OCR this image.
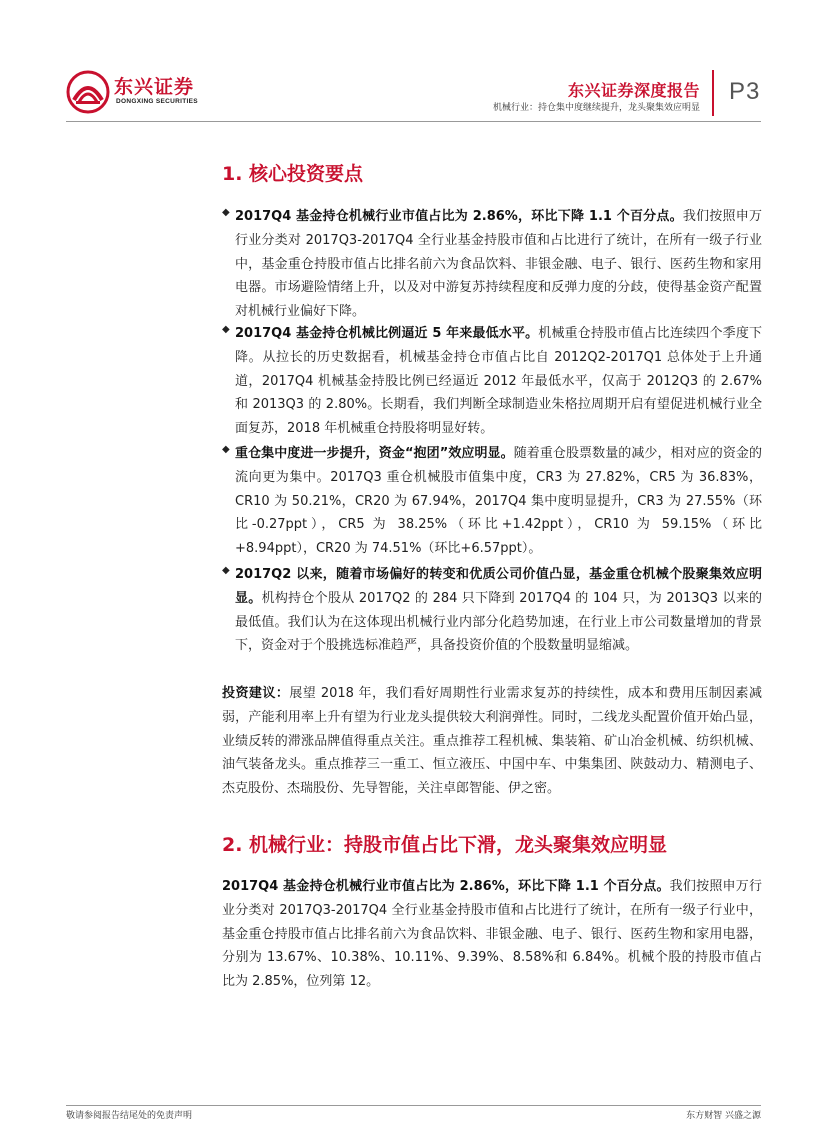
东兴证券
DONGXING SECURITIES
东兴证券深度报告
机械行业：持仓集中度继续提升，龙头聚集效应明显
P3
1. 核心投资要点
◆ 2017Q4 基金持仓机械行业市值占比为 2.86%，环比下降 1.1 个百分点。我们按照申万行业分类对 2017Q3-2017Q4 全行业基金持股市值和占比进行了统计，在所有一级子行业中，基金重仓持股市值占比排名前六为食品饮料、非银金融、电子、银行、医药生物和家用电器。市场避险情绪上升，以及对中游复苏持续程度和反弹力度的分歧，使得基金资产配置对机械行业偏好下降。

◆ 2017Q4 基金持仓机械比例逼近 5 年来最低水平。机械重仓持股市值占比连续四个季度下降。从拉长的历史数据看，机械基金持仓市值占比自 2012Q2-2017Q1 总体处于上升通道，2017Q4 机械基金持股比例已经逼近 2012 年最低水平，仅高于 2012Q3 的 2.67%和 2013Q3 的 2.80%。长期看，我们判断全球制造业朱格拉周期开启有望促进机械行业全面复苏，2018 年机械重仓持股将明显好转。

◆ 重仓集中度进一步提升，资金“抱团”效应明显。随着重仓股票数量的减少，相对应的资金的流向更为集中。2017Q3 重仓机械股市值集中度，CR3 为 27.82%，CR5 为 36.83%，CR10 为 50.21%，CR20 为 67.94%，2017Q4 集中度明显提升，CR3 为 27.55%（环比-0.27ppt），CR5 为 38.25%（环比+1.42ppt），CR10 为 59.15%（环比+8.94ppt），CR20 为 74.51%（环比+6.57ppt）。

◆ 2017Q2 以来，随着市场偏好的转变和优质公司价值凸显，基金重仓机械个股聚集效应明显。机构持仓个股从 2017Q2 的 284 只下降到 2017Q4 的 104 只，为 2013Q3 以来的最低值。我们认为在这体现出机械行业内部分化趋势加速，在行业上市公司数量增加的背景下，资金对于个股挑选标准趋严，具备投资价值的个股数量明显缩减。

投资建议：展望 2018 年，我们看好周期性行业需求复苏的持续性，成本和费用压制因素减弱，产能利用率上升有望为行业龙头提供较大利润弹性。同时，二线龙头配置价值开始凸显，业绩反转的滞涨品牌值得重点关注。重点推荐工程机械、集装箱、矿山冶金机械、纺织机械、油气装备龙头。重点推荐三一重工、恒立液压、中国中车、中集集团、陕鼓动力、精测电子、杰克股份、杰瑞股份、先导智能，关注卓郎智能、伊之密。

2. 机械行业：持股市值占比下滑，龙头聚集效应明显

2017Q4 基金持仓机械行业市值占比为 2.86%，环比下降 1.1 个百分点。我们按照申万行业分类对 2017Q3-2017Q4 全行业基金持股市值和占比进行了统计，在所有一级子行业中，基金重仓持股市值占比排名前六为食品饮料、非银金融、电子、银行、医药生物和家用电器，分别为 13.67%、10.38%、10.11%、9.39%、8.58%和 6.84%。机械个股的持股市值占比为 2.85%，位列第 12。

敬请参阅报告结尾处的免责声明	东方财智 兴盛之源
